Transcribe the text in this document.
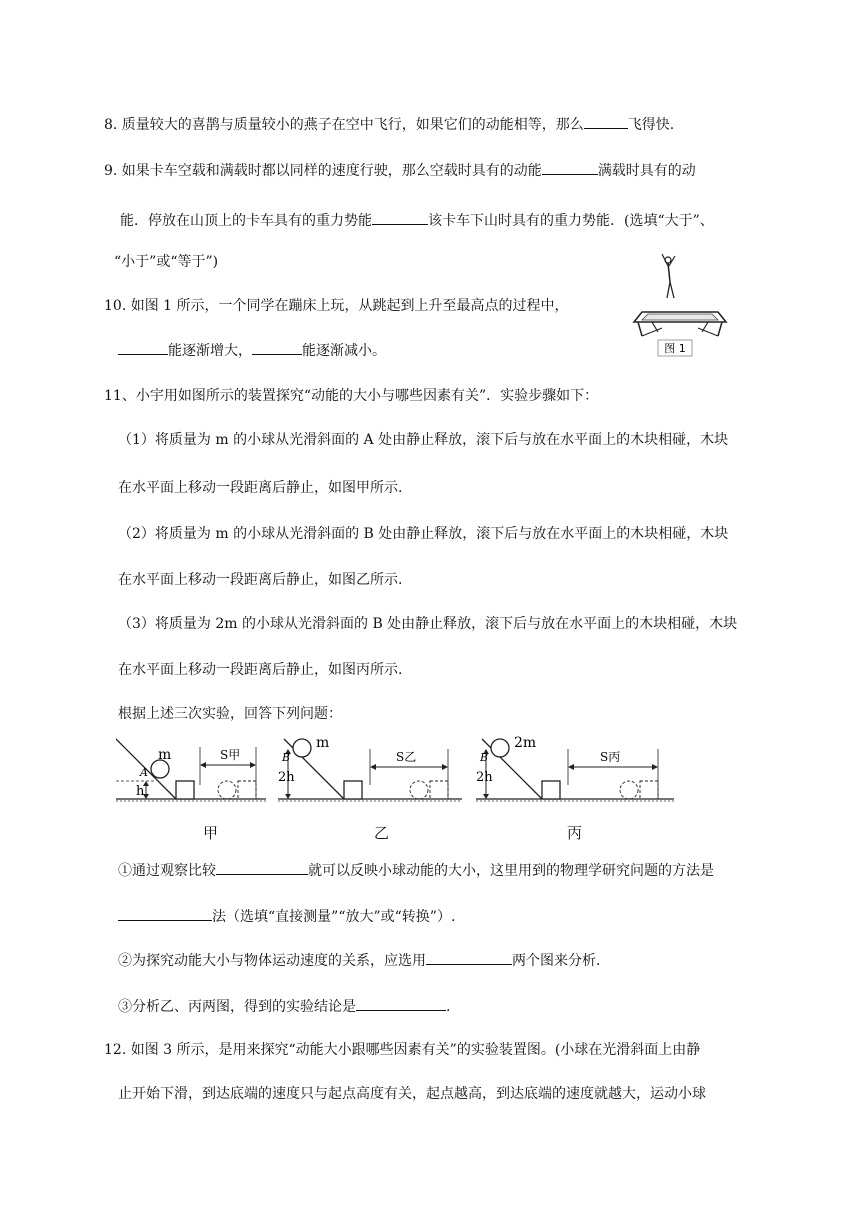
8. 质量较大的喜鹊与质量较小的燕子在空中飞行，如果它们的动能相等，那么	飞得快.
9. 如果卡车空载和满载时都以同样的速度行驶，那么空载时具有的动能	满载时具有的动
能．停放在山顶上的卡车具有的重力势能	该卡车下山时具有的重力势能．(选填“大于”、
“小于”或“等于”)
10. 如图 1 所示，一个同学在蹦床上玩，从跳起到上升至最高点的过程中，
能逐渐增大，	能逐渐减小。	图 1
11、小宇用如图所示的装置探究“动能的大小与哪些因素有关”．实验步骤如下：
（1）将质量为 m 的小球从光滑斜面的 A 处由静止释放，滚下后与放在水平面上的木块相碰，木块
在水平面上移动一段距离后静止，如图甲所示.
（2）将质量为 m 的小球从光滑斜面的 B 处由静止释放，滚下后与放在水平面上的木块相碰，木块
在水平面上移动一段距离后静止，如图乙所示.
（3）将质量为 2m 的小球从光滑斜面的 B 处由静止释放，滚下后与放在水平面上的木块相碰，木块
在水平面上移动一段距离后静止，如图丙所示.
根据上述三次实验，回答下列问题：
h
A
m	S甲
2h
B
m
S乙
2h
B
2m
S丙
甲	乙	丙
①通过观察比较	就可以反映小球动能的大小，这里用到的物理学研究问题的方法是
法（选填“直接测量”“放大”或“转换”）.
②为探究动能大小与物体运动速度的关系，应选用	两个图来分析.
③分析乙、丙两图，得到的实验结论是	.
12. 如图 3 所示，是用来探究“动能大小跟哪些因素有关”的实验装置图。(小球在光滑斜面上由静
止开始下滑，到达底端的速度只与起点高度有关，起点越高，到达底端的速度就越大，运动小球
